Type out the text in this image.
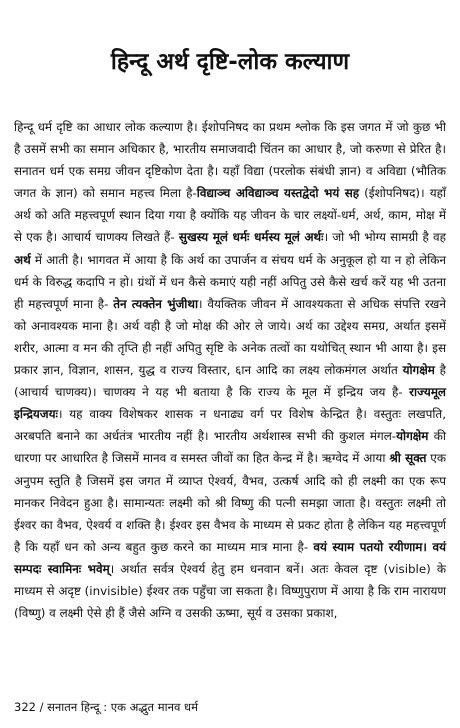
हिन्दू अर्थ दृष्टि-लोक कल्याण

हिन्दू धर्म दृष्टि का आधार लोक कल्याण है। ईशोपनिषद का प्रथम श्लोक कि इस जगत में जो कुछ भी है उसमें सभी का समान अधिकार है, भारतीय समाजवादी चिंतन का आधार है, जो करुणा से प्रेरित है। सनातन धर्म एक समग्र जीवन दृष्टिकोण देता है। यहाँ विद्या (परलोक संबंधी ज्ञान) व अविद्या (भौतिक जगत के ज्ञान) को समान महत्त्व मिला है-विद्याञ्च अविद्याञ्च यस्तद्वेदो भयं सह (ईशोपनिषद)। यहाँ अर्थ को अति महत्त्वपूर्ण स्थान दिया गया है क्योंकि यह जीवन के चार लक्ष्यों-धर्म, अर्थ, काम, मोक्ष में से एक है। आचार्य चाणक्य लिखते हैं- सुखस्य मूलं धर्मः धर्मस्य मूलं अर्थः। जो भी भोग्य सामग्री है वह अर्थ में आती है। भागवत में आया है कि अर्थ का उपार्जन व संचय धर्म के अनुकूल हो या न हो लेकिन धर्म के विरुद्ध कदापि न हो। ग्रंथों में धन कैसे कमाएं यही नहीं अपितु उसे कैसे खर्च करें यह भी उतना ही महत्त्वपूर्ण माना है- तेन त्यक्तेन भुंजीथा। वैयक्तिक जीवन में आवश्यकता से अधिक संपत्ति रखने को अनावश्यक माना है। अर्थ वही है जो मोक्ष की ओर ले जाये। अर्थ का उद्देश्य समग्र, अर्थात इसमें शरीर, आत्मा व मन की तृप्ति ही नहीं अपितु सृष्टि के अनेक तत्वों का यथोचित् स्थान भी आया है। इस प्रकार ज्ञान, विज्ञान, शासन, युद्ध व राज्य विस्तार, ६ान आदि का लक्ष्य लोकमंगल अर्थात योगक्षेम है (आचार्य चाणक्य)। चाणक्य ने यह भी बताया है कि राज्य के मूल में इन्द्रिय जय है- राज्यमूल इन्द्रियजयः। यह वाक्य विशेषकर शासक न धनाढ्य वर्ग पर विशेष केन्द्रित है। वस्तुतः लखपति, अरबपति बनाने का अर्धतंत्र भारतीय नहीं है। भारतीय अर्थशास्त्र सभी की कुशल मंगल-योगक्षेम की धारणा पर आधारित है जिसमें मानव व समस्त जीवों का हित केन्द्र में है। ऋग्वेद में आया श्री सूक्त एक अनुपम स्तुति है जिसमें इस जगत में व्याप्त ऐश्वर्य, वैभव, उत्कर्ष आदि को ही लक्ष्मी का एक रूप मानकर निवेदन हुआ है। सामान्यतः लक्ष्मी को श्री विष्णु की पत्नी समझा जाता है। वस्तुतः लक्ष्मी तो ईश्वर का वैभव, ऐश्वर्य व शक्ति है। ईश्वर इस वैभव के माध्यम से प्रकट होता है लेकिन यह महत्त्वपूर्ण है कि यहाँ धन को अन्य बहुत कुछ करने का माध्यम मात्र माना है- वयं स्याम पतयो रयीणाम। वयं सम्पदः स्वामिनः भवेम्। अर्थात सर्वत्र ऐश्वर्य हेतु हम धनवान बनें। अतः केवल दृष्ट (visible) के माध्यम से अदृष्ट (invisible) ईश्वर तक पहुँचा जा सकता है। विष्णुपुराण में आया है कि राम नारायण (विष्णु) व लक्ष्मी ऐसे ही हैं जैसे अग्नि व उसकी ऊष्मा, सूर्य व उसका प्रकाश,

322 / सनातन हिन्दू : एक अद्भुत मानव धर्म
